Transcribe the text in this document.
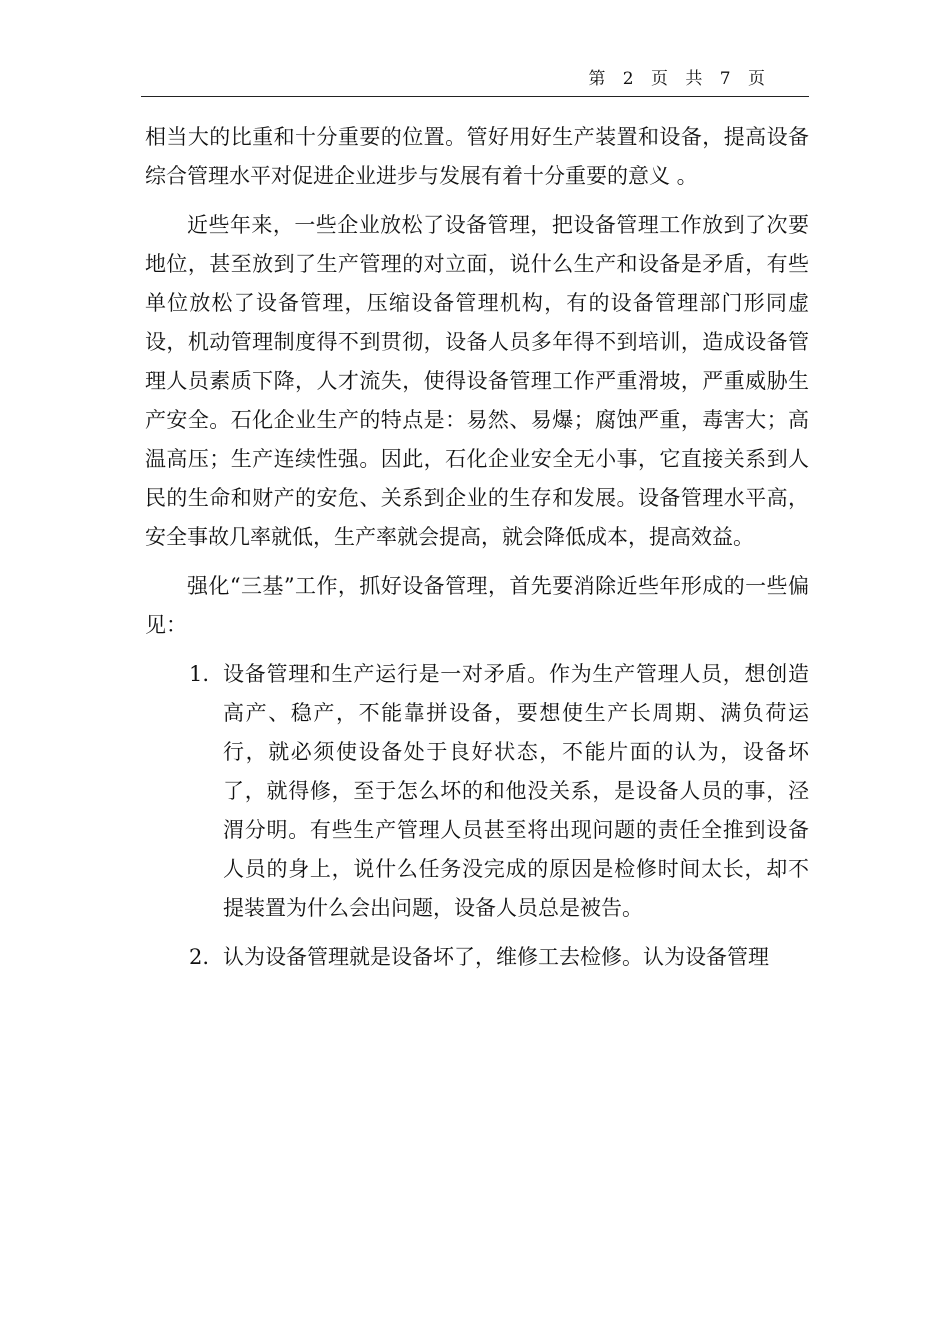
第 2 页 共 7 页

相当大的比重和十分重要的位置。管好用好生产装置和设备，提高设备综合管理水平对促进企业进步与发展有着十分重要的意义 。

近些年来，一些企业放松了设备管理，把设备管理工作放到了次要地位，甚至放到了生产管理的对立面，说什么生产和设备是矛盾，有些单位放松了设备管理，压缩设备管理机构，有的设备管理部门形同虚设，机动管理制度得不到贯彻，设备人员多年得不到培训，造成设备管理人员素质下降，人才流失，使得设备管理工作严重滑坡，严重威胁生产安全。石化企业生产的特点是：易然、易爆；腐蚀严重，毒害大；高温高压；生产连续性强。因此，石化企业安全无小事，它直接关系到人民的生命和财产的安危、关系到企业的生存和发展。设备管理水平高，安全事故几率就低，生产率就会提高，就会降低成本，提高效益。

强化“三基”工作，抓好设备管理，首先要消除近些年形成的一些偏见：

1. 设备管理和生产运行是一对矛盾。作为生产管理人员，想创造高产、稳产，不能靠拼设备，要想使生产长周期、满负荷运行，就必须使设备处于良好状态，不能片面的认为，设备坏了，就得修，至于怎么坏的和他没关系，是设备人员的事，泾渭分明。有些生产管理人员甚至将出现问题的责任全推到设备人员的身上，说什么任务没完成的原因是检修时间太长，却不提装置为什么会出问题，设备人员总是被告。
2. 认为设备管理就是设备坏了，维修工去检修。认为设备管理
